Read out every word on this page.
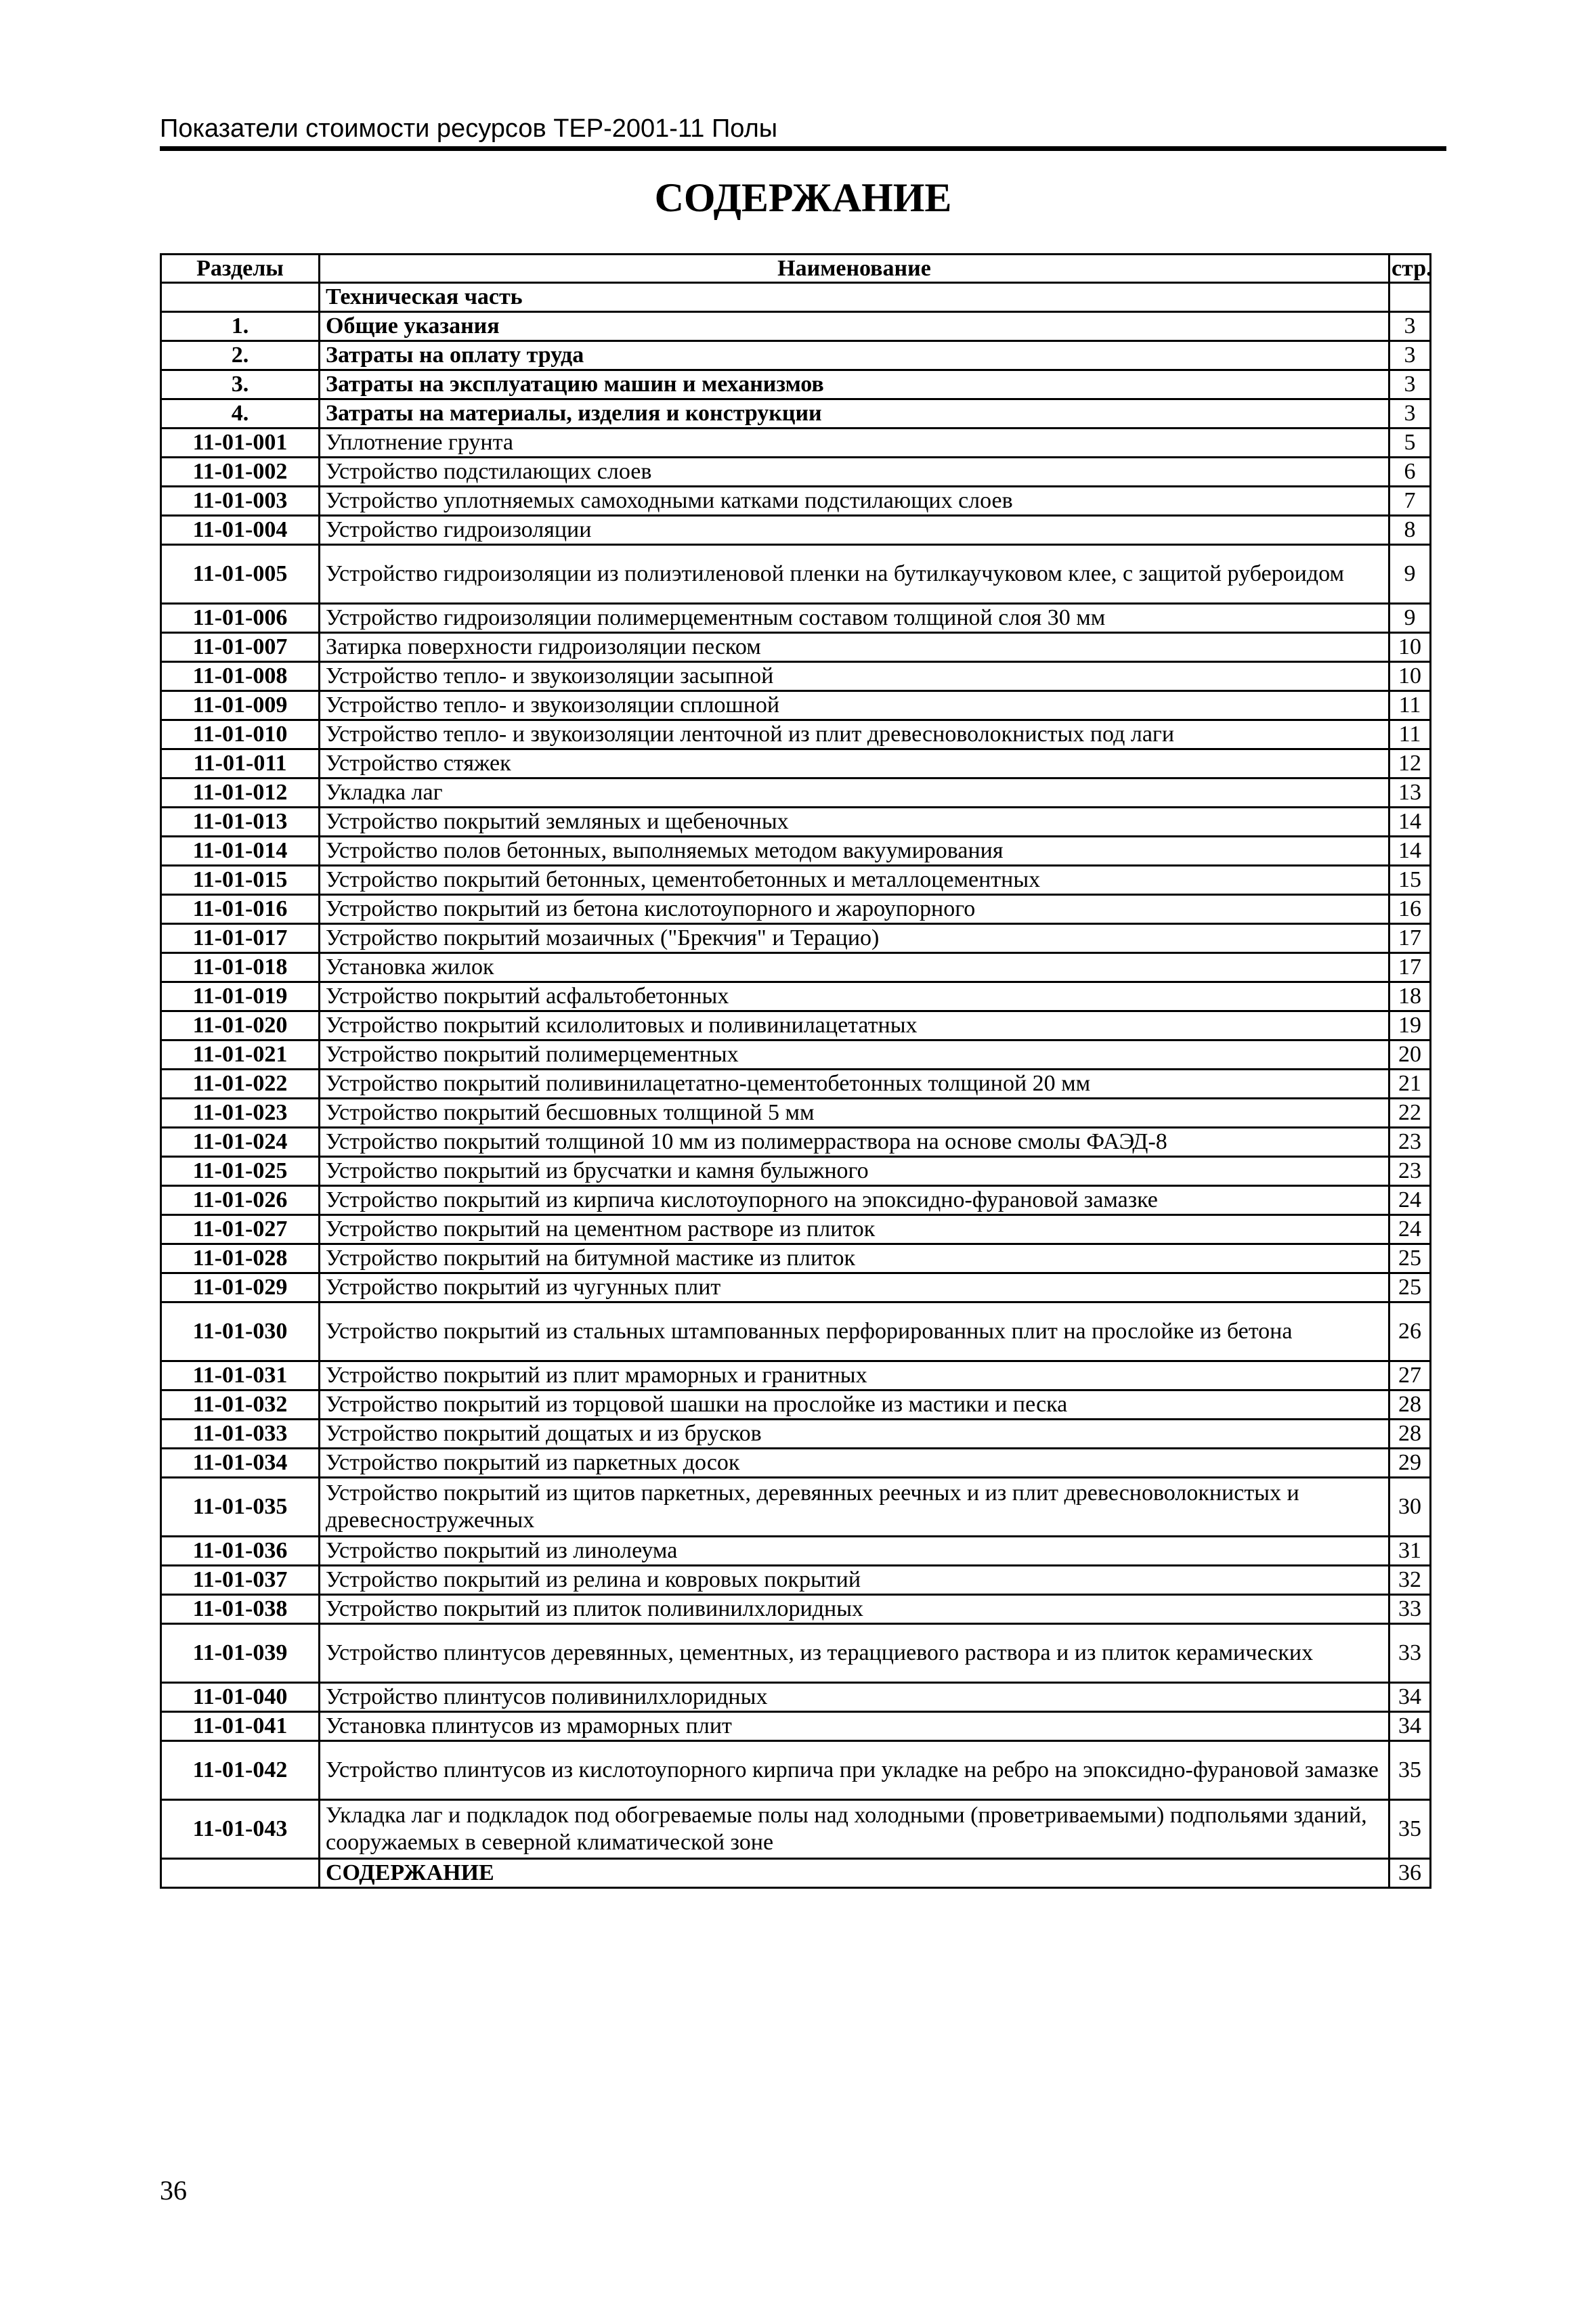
Показатели стоимости ресурсов ТЕР-2001-11 Полы
СОДЕРЖАНИЕ
Разделы	Наименование	стр.
	Техническая часть	
1.	Общие указания	3
2.	Затраты на оплату труда	3
3.	Затраты на эксплуатацию машин и механизмов	3
4.	Затраты на материалы, изделия и конструкции	3
11-01-001	Уплотнение грунта	5
11-01-002	Устройство подстилающих слоев	6
11-01-003	Устройство уплотняемых самоходными катками подстилающих слоев	7
11-01-004	Устройство гидроизоляции	8
11-01-005	Устройство гидроизоляции из полиэтиленовой пленки на бутилкаучуковом клее, с защитой рубероидом	9
11-01-006	Устройство гидроизоляции полимерцементным составом толщиной слоя 30 мм	9
11-01-007	Затирка поверхности гидроизоляции песком	10
11-01-008	Устройство тепло- и звукоизоляции засыпной	10
11-01-009	Устройство тепло- и звукоизоляции сплошной	11
11-01-010	Устройство тепло- и звукоизоляции ленточной из плит древесноволокнистых под лаги	11
11-01-011	Устройство стяжек	12
11-01-012	Укладка лаг	13
11-01-013	Устройство покрытий земляных и щебеночных	14
11-01-014	Устройство полов бетонных, выполняемых методом вакуумирования	14
11-01-015	Устройство покрытий бетонных, цементобетонных и металлоцементных	15
11-01-016	Устройство покрытий из бетона кислотоупорного и жароупорного	16
11-01-017	Устройство покрытий мозаичных ("Брекчия" и Терацио)	17
11-01-018	Установка жилок	17
11-01-019	Устройство покрытий асфальтобетонных	18
11-01-020	Устройство покрытий ксилолитовых и поливинилацетатных	19
11-01-021	Устройство покрытий полимерцементных	20
11-01-022	Устройство покрытий поливинилацетатно-цементобетонных толщиной 20 мм	21
11-01-023	Устройство покрытий бесшовных толщиной 5 мм	22
11-01-024	Устройство покрытий толщиной 10 мм из полимерраствора на основе смолы ФАЭД-8	23
11-01-025	Устройство покрытий из брусчатки и камня булыжного	23
11-01-026	Устройство покрытий из кирпича кислотоупорного на эпоксидно-фурановой замазке	24
11-01-027	Устройство покрытий на цементном растворе из плиток	24
11-01-028	Устройство покрытий на битумной мастике из плиток	25
11-01-029	Устройство покрытий из чугунных плит	25
11-01-030	Устройство покрытий из стальных штампованных перфорированных плит на прослойке из бетона	26
11-01-031	Устройство покрытий из плит мраморных и гранитных	27
11-01-032	Устройство покрытий из торцовой шашки на прослойке из мастики и песка	28
11-01-033	Устройство покрытий дощатых и из брусков	28
11-01-034	Устройство покрытий из паркетных досок	29
11-01-035	Устройство покрытий из щитов паркетных, деревянных реечных и из плит древесноволокнистых и древесностружечных	30
11-01-036	Устройство покрытий из линолеума	31
11-01-037	Устройство покрытий из релина и ковровых покрытий	32
11-01-038	Устройство покрытий из плиток поливинилхлоридных	33
11-01-039	Устройство плинтусов деревянных, цементных, из терацциевого раствора и из плиток керамических	33
11-01-040	Устройство плинтусов поливинилхлоридных	34
11-01-041	Установка плинтусов из мраморных плит	34
11-01-042	Устройство плинтусов из кислотоупорного кирпича при укладке на ребро на эпоксидно-фурановой замазке	35
11-01-043	Укладка лаг и подкладок под обогреваемые полы над холодными (проветриваемыми) подпольями зданий, сооружаемых в северной климатической зоне	35
	СОДЕРЖАНИЕ	36
36
